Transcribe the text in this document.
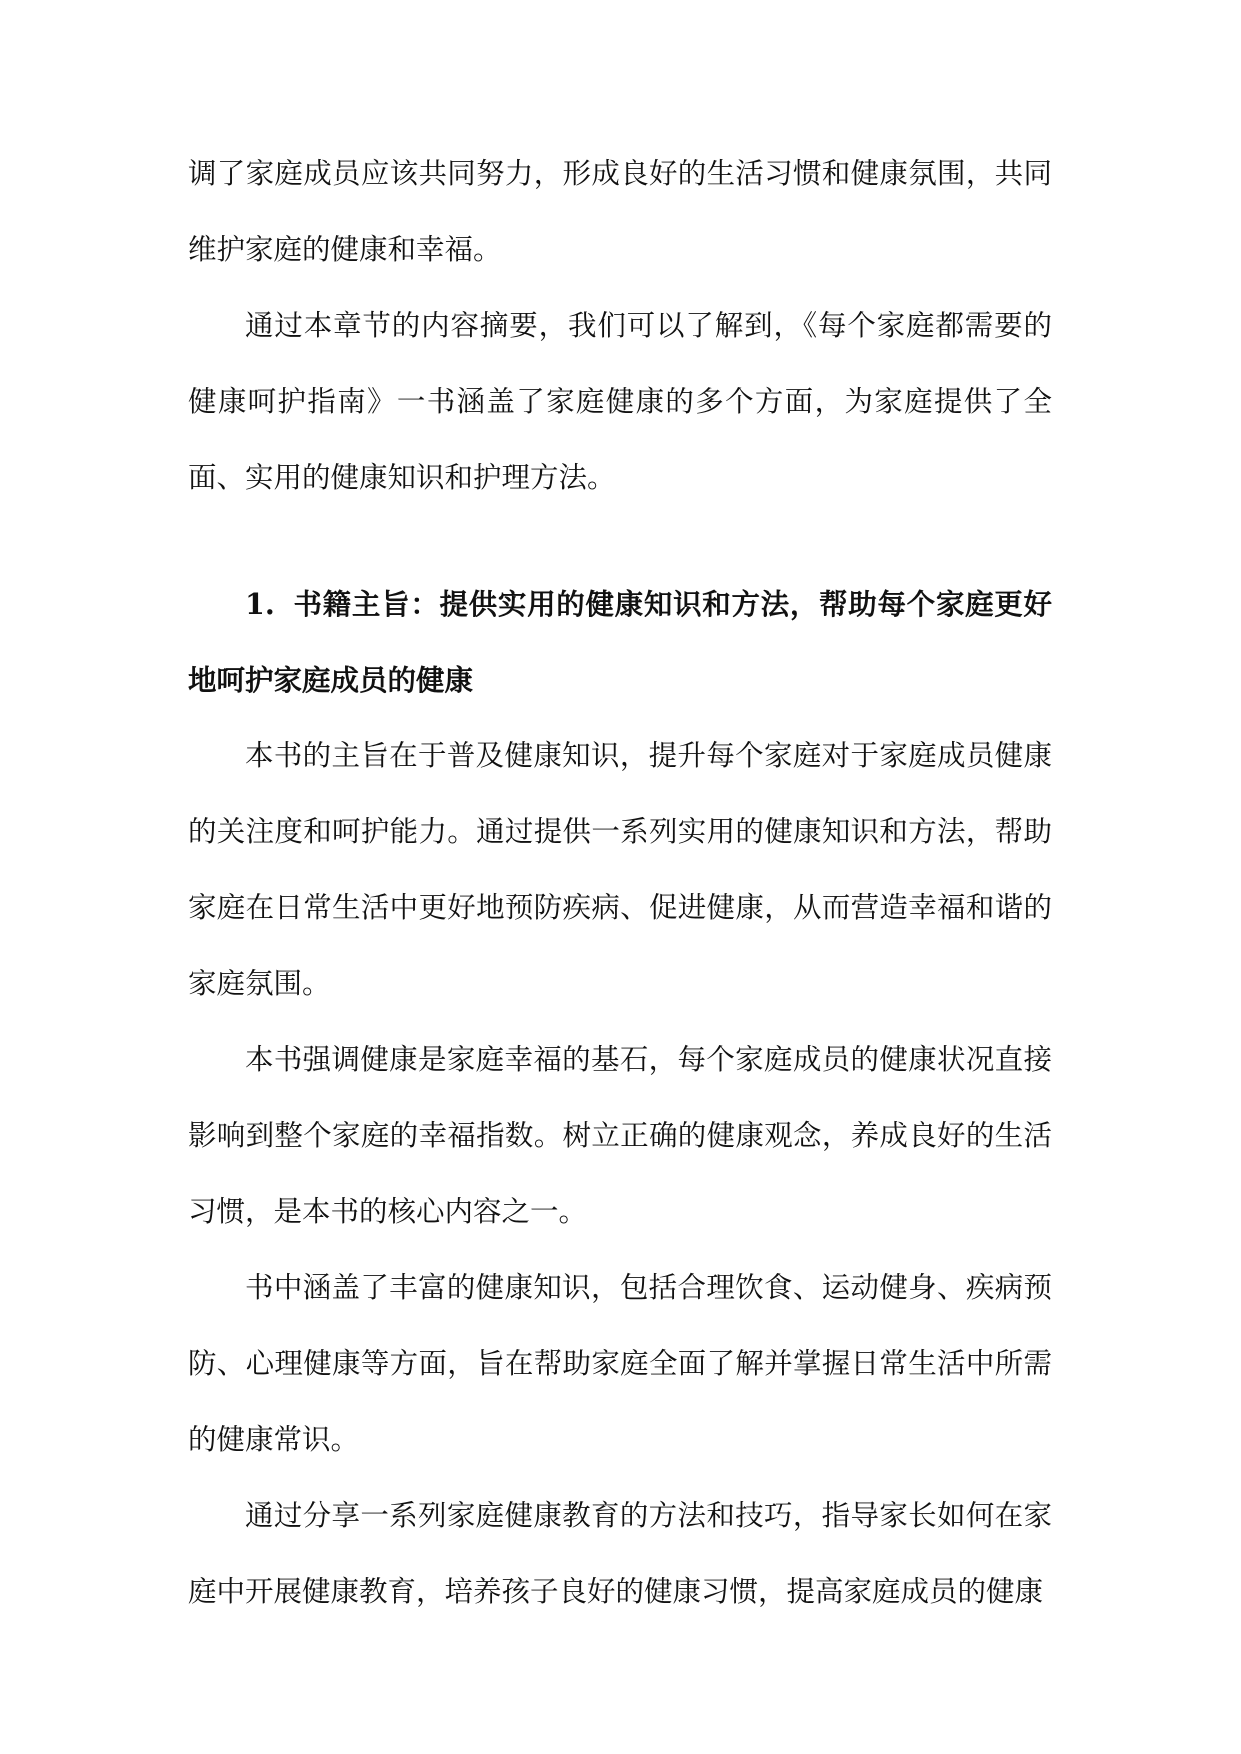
调了家庭成员应该共同努力，形成良好的生活习惯和健康氛围，共同维护家庭的健康和幸福。

通过本章节的内容摘要，我们可以了解到，《每个家庭都需要的健康呵护指南》一书涵盖了家庭健康的多个方面，为家庭提供了全面、实用的健康知识和护理方法。

1. 书籍主旨：提供实用的健康知识和方法，帮助每个家庭更好地呵护家庭成员的健康

本书的主旨在于普及健康知识，提升每个家庭对于家庭成员健康的关注度和呵护能力。通过提供一系列实用的健康知识和方法，帮助家庭在日常生活中更好地预防疾病、促进健康，从而营造幸福和谐的家庭氛围。

本书强调健康是家庭幸福的基石，每个家庭成员的健康状况直接影响到整个家庭的幸福指数。树立正确的健康观念，养成良好的生活习惯，是本书的核心内容之一。

书中涵盖了丰富的健康知识，包括合理饮食、运动健身、疾病预防、心理健康等方面，旨在帮助家庭全面了解并掌握日常生活中所需的健康常识。

通过分享一系列家庭健康教育的方法和技巧，指导家长如何在家庭中开展健康教育，培养孩子良好的健康习惯，提高家庭成员的健康
